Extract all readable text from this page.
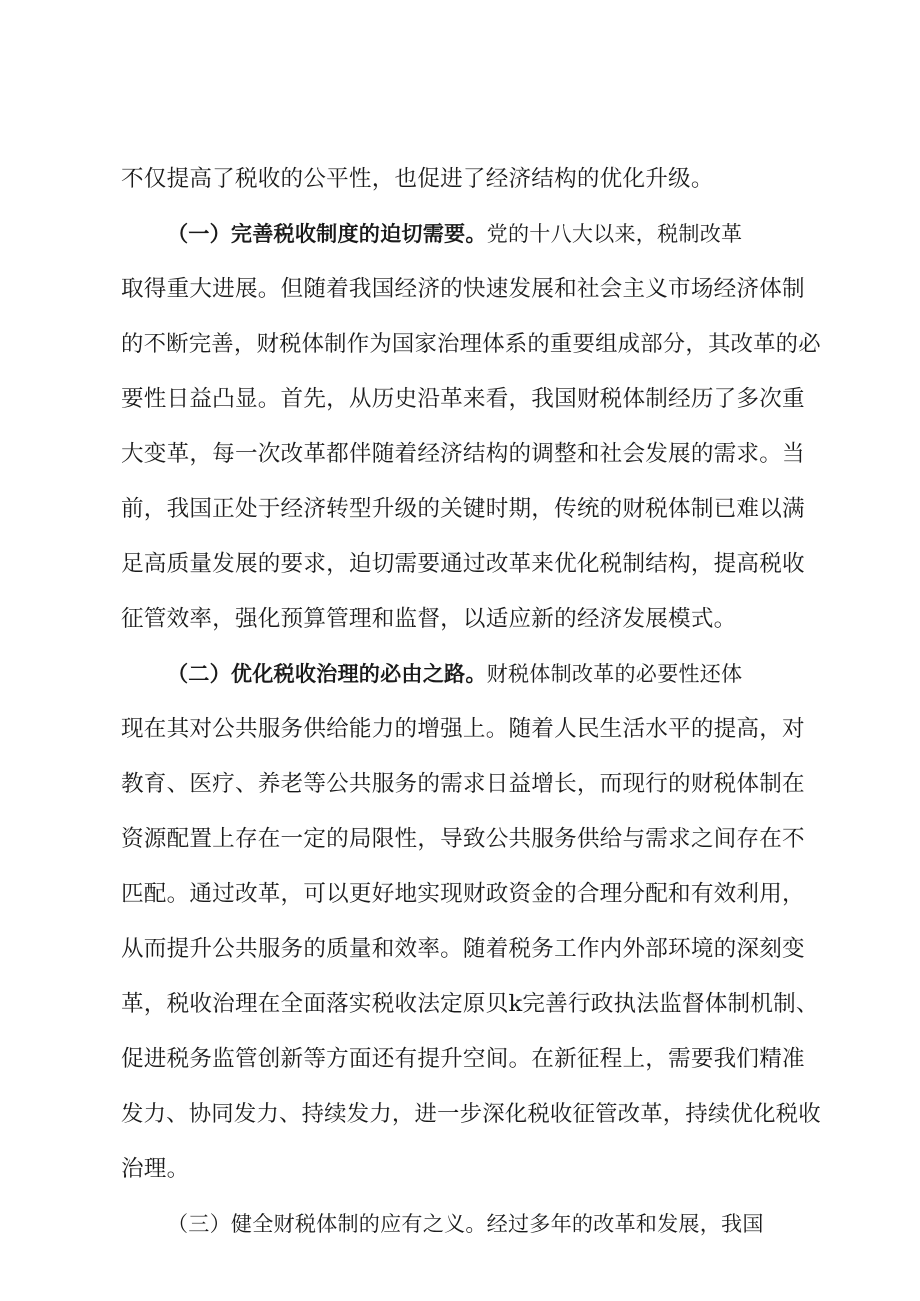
不仅提高了税收的公平性，也促进了经济结构的优化升级。
（一）完善税收制度的迫切需要。党的十八大以来，税制改革
取得重大进展。但随着我国经济的快速发展和社会主义市场经济体制
的不断完善，财税体制作为国家治理体系的重要组成部分，其改革的必
要性日益凸显。首先，从历史沿革来看，我国财税体制经历了多次重
大变革，每一次改革都伴随着经济结构的调整和社会发展的需求。当
前，我国正处于经济转型升级的关键时期，传统的财税体制已难以满
足高质量发展的要求，迫切需要通过改革来优化税制结构，提高税收
征管效率，强化预算管理和监督，以适应新的经济发展模式。
（二）优化税收治理的必由之路。财税体制改革的必要性还体
现在其对公共服务供给能力的增强上。随着人民生活水平的提高，对
教育、医疗、养老等公共服务的需求日益增长，而现行的财税体制在
资源配置上存在一定的局限性，导致公共服务供给与需求之间存在不
匹配。通过改革，可以更好地实现财政资金的合理分配和有效利用，
从而提升公共服务的质量和效率。随着税务工作内外部环境的深刻变
革，税收治理在全面落实税收法定原贝k完善行政执法监督体制机制、
促进税务监管创新等方面还有提升空间。在新征程上，需要我们精准
发力、协同发力、持续发力，进一步深化税收征管改革，持续优化税收
治理。
（三）健全财税体制的应有之义。经过多年的改革和发展，我国
